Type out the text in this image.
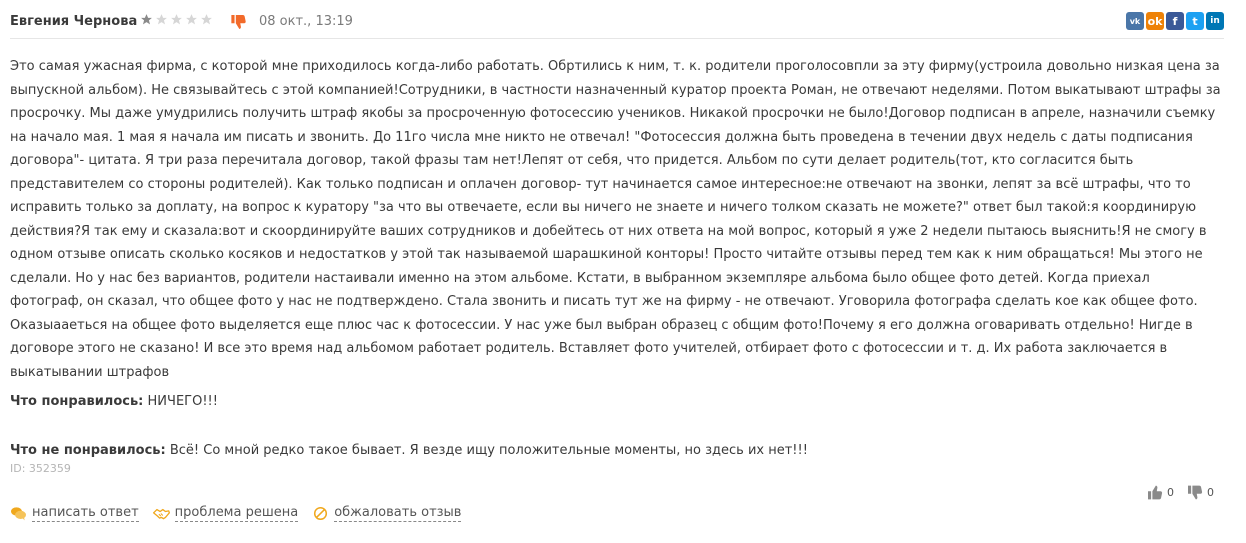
Евгения Чернова	08 окт., 13:19	vk ok f	t	in

Это самая ужасная фирма, с которой мне приходилось когда-либо работать. Обртились к ним, т. к. родители проголосовпли за эту фирму(устроила довольно низкая цена за выпускной альбом). Не связывайтесь с этой компанией!Сотрудники, в частности назначенный куратор проекта Роман, не отвечают неделями. Потом выкатывают штрафы за просрочку. Мы даже умудрились получить штраф якобы за просроченную фотосессию учеников. Никакой просрочки не было!Договор подписан в апреле, назначили съемку на начало мая. 1 мая я начала им писать и звонить. До 11го числа мне никто не отвечал! "Фотосессия должна быть проведена в течении двух недель с даты подписания договора"- цитата. Я три раза перечитала договор, такой фразы там нет!Лепят от себя, что придется. Альбом по сути делает родитель(тот, кто согласится быть представителем со стороны родителей). Как только подписан и оплачен договор- тут начинается самое интересное:не отвечают на звонки, лепят за всё штрафы, что то исправить только за доплату, на вопрос к куратору "за что вы отвечаете, если вы ничего не знаете и ничего толком сказать не можете?" ответ был такой:я координирую действия?Я так ему и сказала:вот и скоординируйте ваших сотрудников и добейтесь от них ответа на мой вопрос, который я уже 2 недели пытаюсь выяснить!Я не смогу в одном отзыве описать сколько косяков и недостатков у этой так называемой шарашкиной конторы! Просто читайте отзывы перед тем как к ним обращаться! Мы этого не сделали. Но у нас без вариантов, родители настаивали именно на этом альбоме. Кстати, в выбранном экземпляре альбома было общее фото детей. Когда приехал фотограф, он сказал, что общее фото у нас не подтверждено. Стала звонить и писать тут же на фирму - не отвечают. Уговорила фотографа сделать кое как общее фото. Оказыааеться на общее фото выделяется еще плюс час к фотосессии. У нас уже был выбран образец с общим фото!Почему я его должна оговаривать отдельно! Нигде в договоре этого не сказано! И все это время над альбомом работает родитель. Вставляет фото учителей, отбирает фото с фотосессии и т. д. Их работа заключается в выкатывании штрафов

Что понравилось: НИЧЕГО!!!

Что не понравилось: Всё! Со мной редко такое бывает. Я везде ищу положительные моменты, но здесь их нет!!!

ID: 352359
0	0
написать ответ	проблема решена	обжаловать отзыв
